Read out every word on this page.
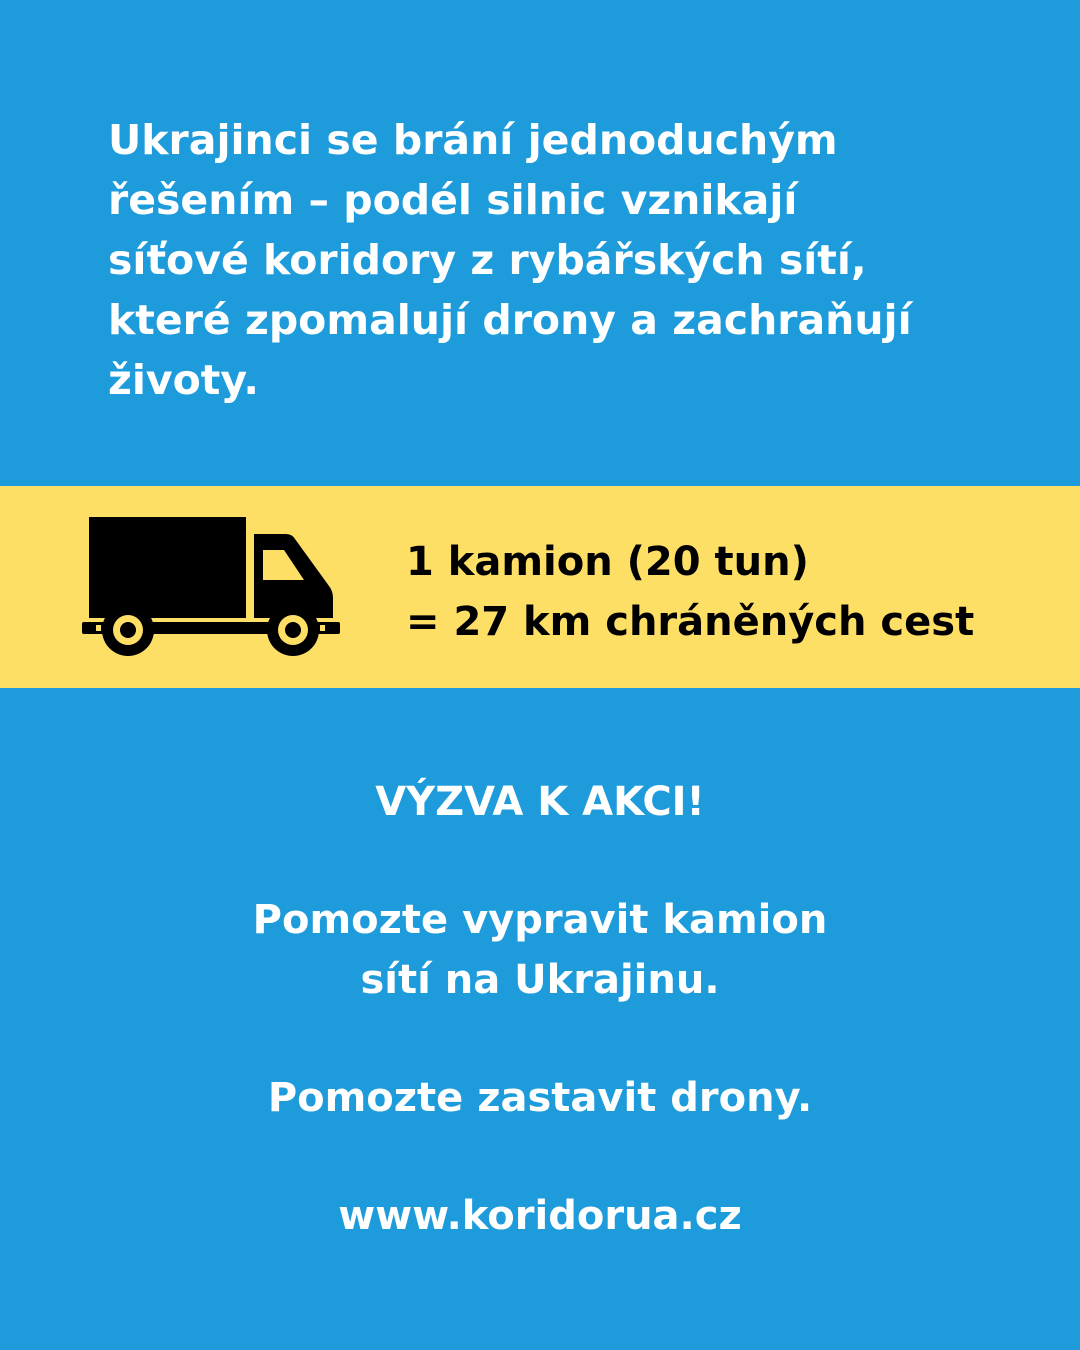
Ukrajinci se brání jednoduchým
řešením – podél silnic vznikají
síťové koridory z rybářských sítí,
které zpomalují drony a zachraňují
životy.

1 kamion (20 tun)
= 27 km chráněných cest
VÝZVA K AKCI!
Pomozte vypravit kamion
sítí na Ukrajinu.
Pomozte zastavit drony.
www.koridorua.cz
